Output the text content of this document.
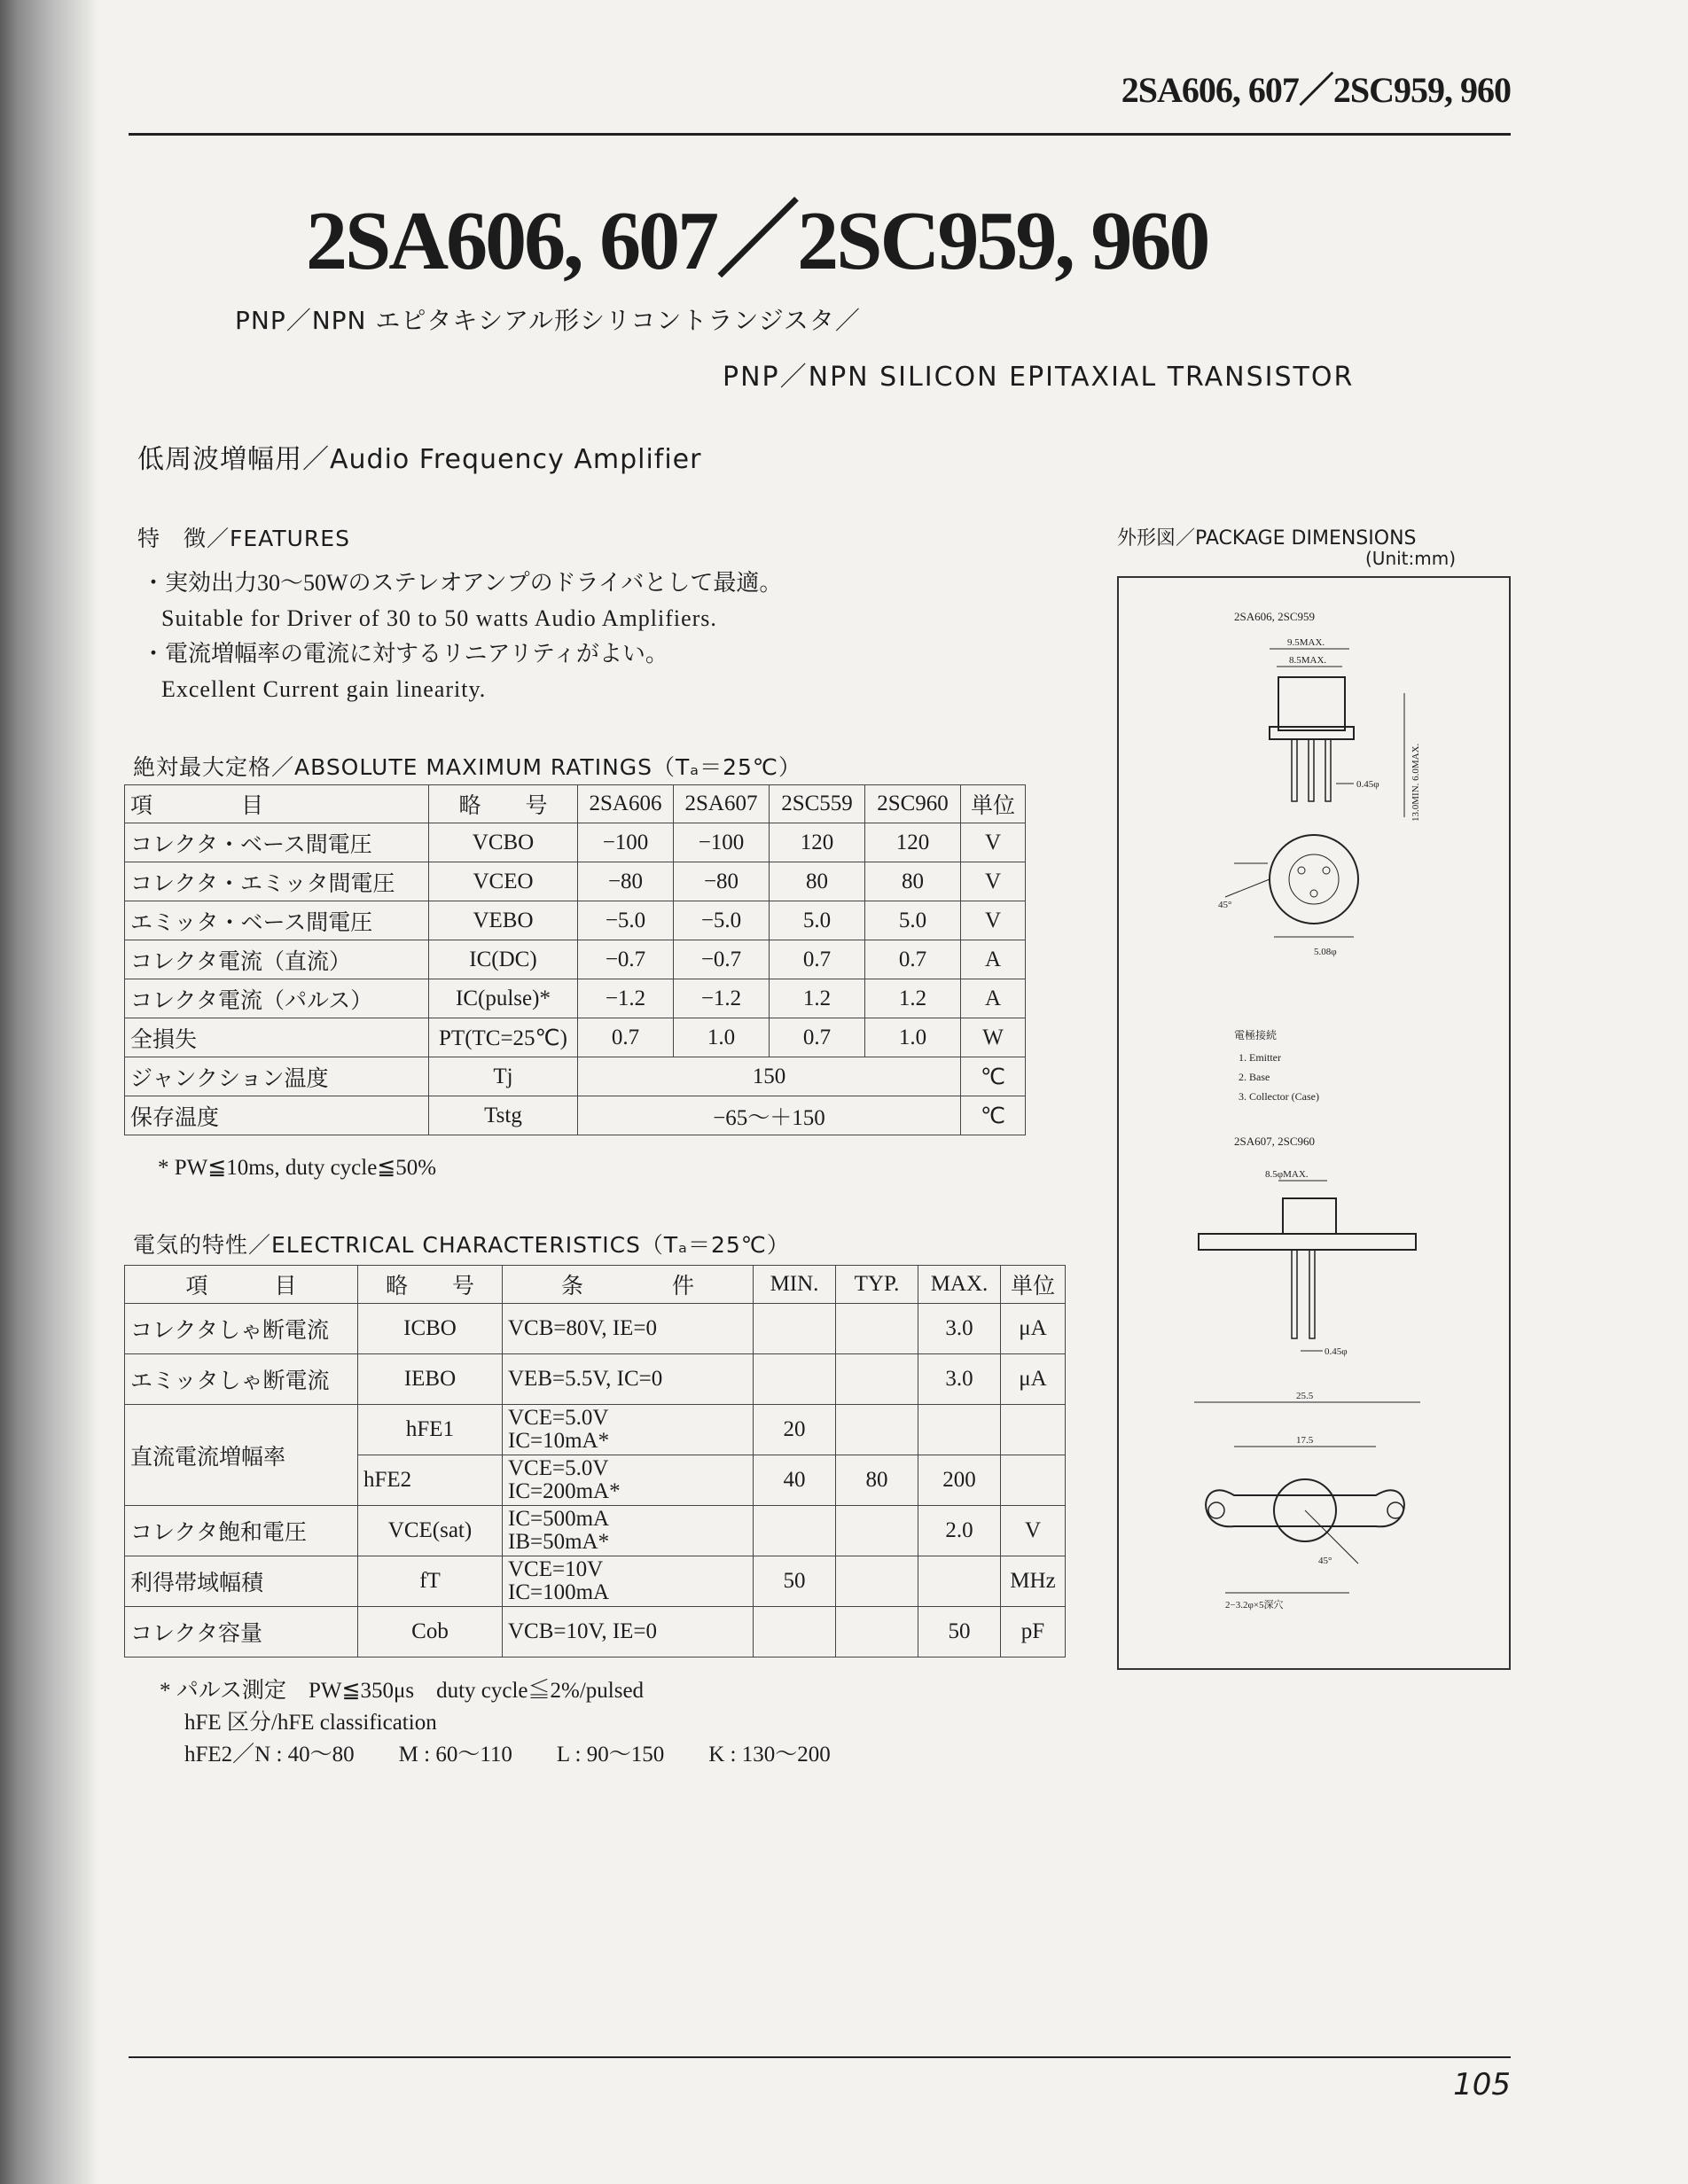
2SA606, 607／2SC959, 960
2SA606, 607／2SC959, 960
PNP／NPN エピタキシアル形シリコントランジスタ／
PNP／NPN SILICON EPITAXIAL TRANSISTOR
低周波増幅用／Audio Frequency Amplifier
特　徴／FEATURES
・実効出力30～50Wのステレオアンプのドライバとして最適。
Suitable for Driver of 30 to 50 watts Audio Amplifiers.
・電流増幅率の電流に対するリニアリティがよい。
Excellent Current gain linearity.
絶対最大定格／ABSOLUTE MAXIMUM RATINGS（Tₐ＝25℃）
項　　　　目	略　　号	2SA606	2SA607	2SC559	2SC960	単位
コレクタ・ベース間電圧	VCBO	−100	−100	120	120	V
コレクタ・エミッタ間電圧	VCEO	−80	−80	80	80	V
エミッタ・ベース間電圧	VEBO	−5.0	−5.0	5.0	5.0	V
コレクタ電流（直流）	IC(DC)	−0.7	−0.7	0.7	0.7	A
コレクタ電流（パルス）	IC(pulse)*	−1.2	−1.2	1.2	1.2	A
全損失	PT(TC=25℃)	0.7	1.0	0.7	1.0	W
ジャンクション温度	Tj	150				℃
保存温度	Tstg	−65～＋150				℃
* PW≦10ms, duty cycle≦50%
電気的特性／ELECTRICAL CHARACTERISTICS（Tₐ＝25℃）
項　　　目	略　　号	条　　　　件	MIN.	TYP.	MAX.	単位
コレクタしゃ断電流	ICBO	VCB=80V, IE=0			3.0	μA
エミッタしゃ断電流	IEBO	VEB=5.5V, IC=0			3.0	μA
直流電流増幅率	hFE1	VCE=5.0V
IC=10mA*	20			
	hFE2	VCE=5.0V
IC=200mA*	40	80	200	
コレクタ飽和電圧	VCE(sat)	IC=500mA
IB=50mA*			2.0	V
利得帯域幅積	fT	VCE=10V
IC=100mA	50			MHz
コレクタ容量	Cob	VCB=10V, IE=0			50	pF
* パルス測定　PW≦350μs　duty cycle≦2%/pulsed
hFE 区分/hFE classification
hFE2／N : 40～80　　M : 60～110　　L : 90～150　　K : 130～200
外形図／PACKAGE DIMENSIONS
(Unit:mm)
2SA606, 2SC959
9.5MAX.
8.5MAX.
0.45φ	13.0MIN. 6.0MAX.
45°
5.08φ
電極接続
1. Emitter
2. Base
3. Collector (Case)
2SA607, 2SC960
8.5φMAX.
0.45φ
25.5
17.5
45°
2−3.2φ×5深穴
105
